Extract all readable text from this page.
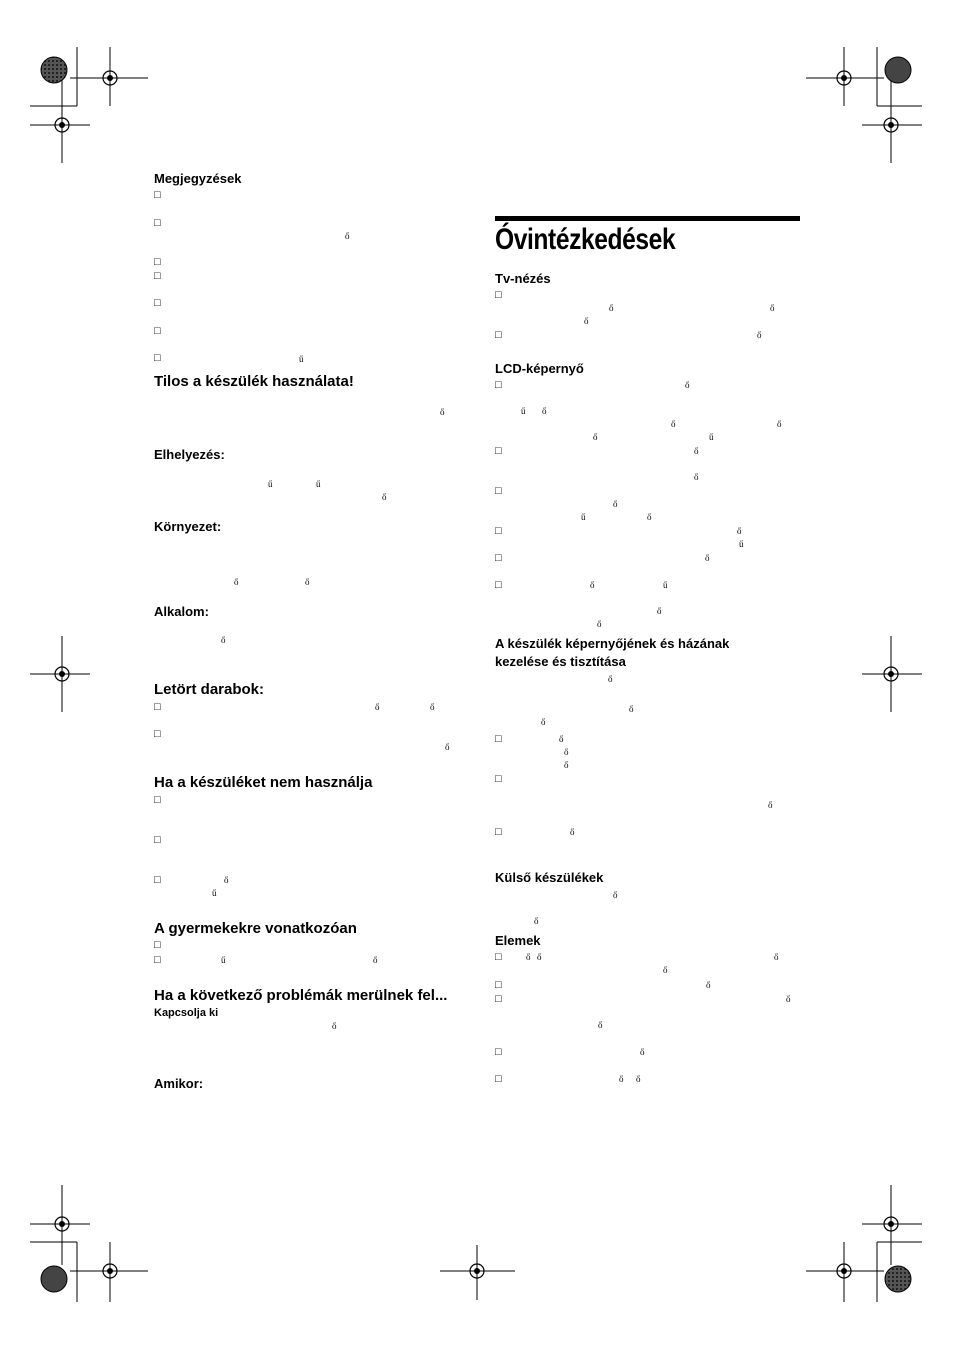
Megjegyzések
□
□
ő
□
□
□
□
□	ű
Tilos a készülék használata!
ő
Elhelyezés:
ű	ű
ő
Környezet:
ő	ő
Alkalom:
ő
Letört darabok:
□	ő	ő
□
ő
Ha a készüléket nem használja
□
□
□	ő
ű
A gyermekekre vonatkozóan
□
□	ű	ő
Ha a következő problémák merülnek fel...
Kapcsolja ki
ő
Amikor:
Óvintézkedések
Tv-nézés
□
ő	ő
ő
□	ő
LCD-képernyő
□	ő
ű ő
ő	ő
ő	ű
□	ő
ő
□
ő
ű	ő
□	ő
ű
□	ő
□	ő	ű
ő
ő
A készülék képernyőjének és házának
kezelése és tisztítása
ő
ő
ő
□	ő
ő
ő
□
ő
□	ő
Külső készülékek
ő
ő
Elemek
□	ő ő	ő
ő
□	ő
□	ő
ő
□	ő
□	ő ő
